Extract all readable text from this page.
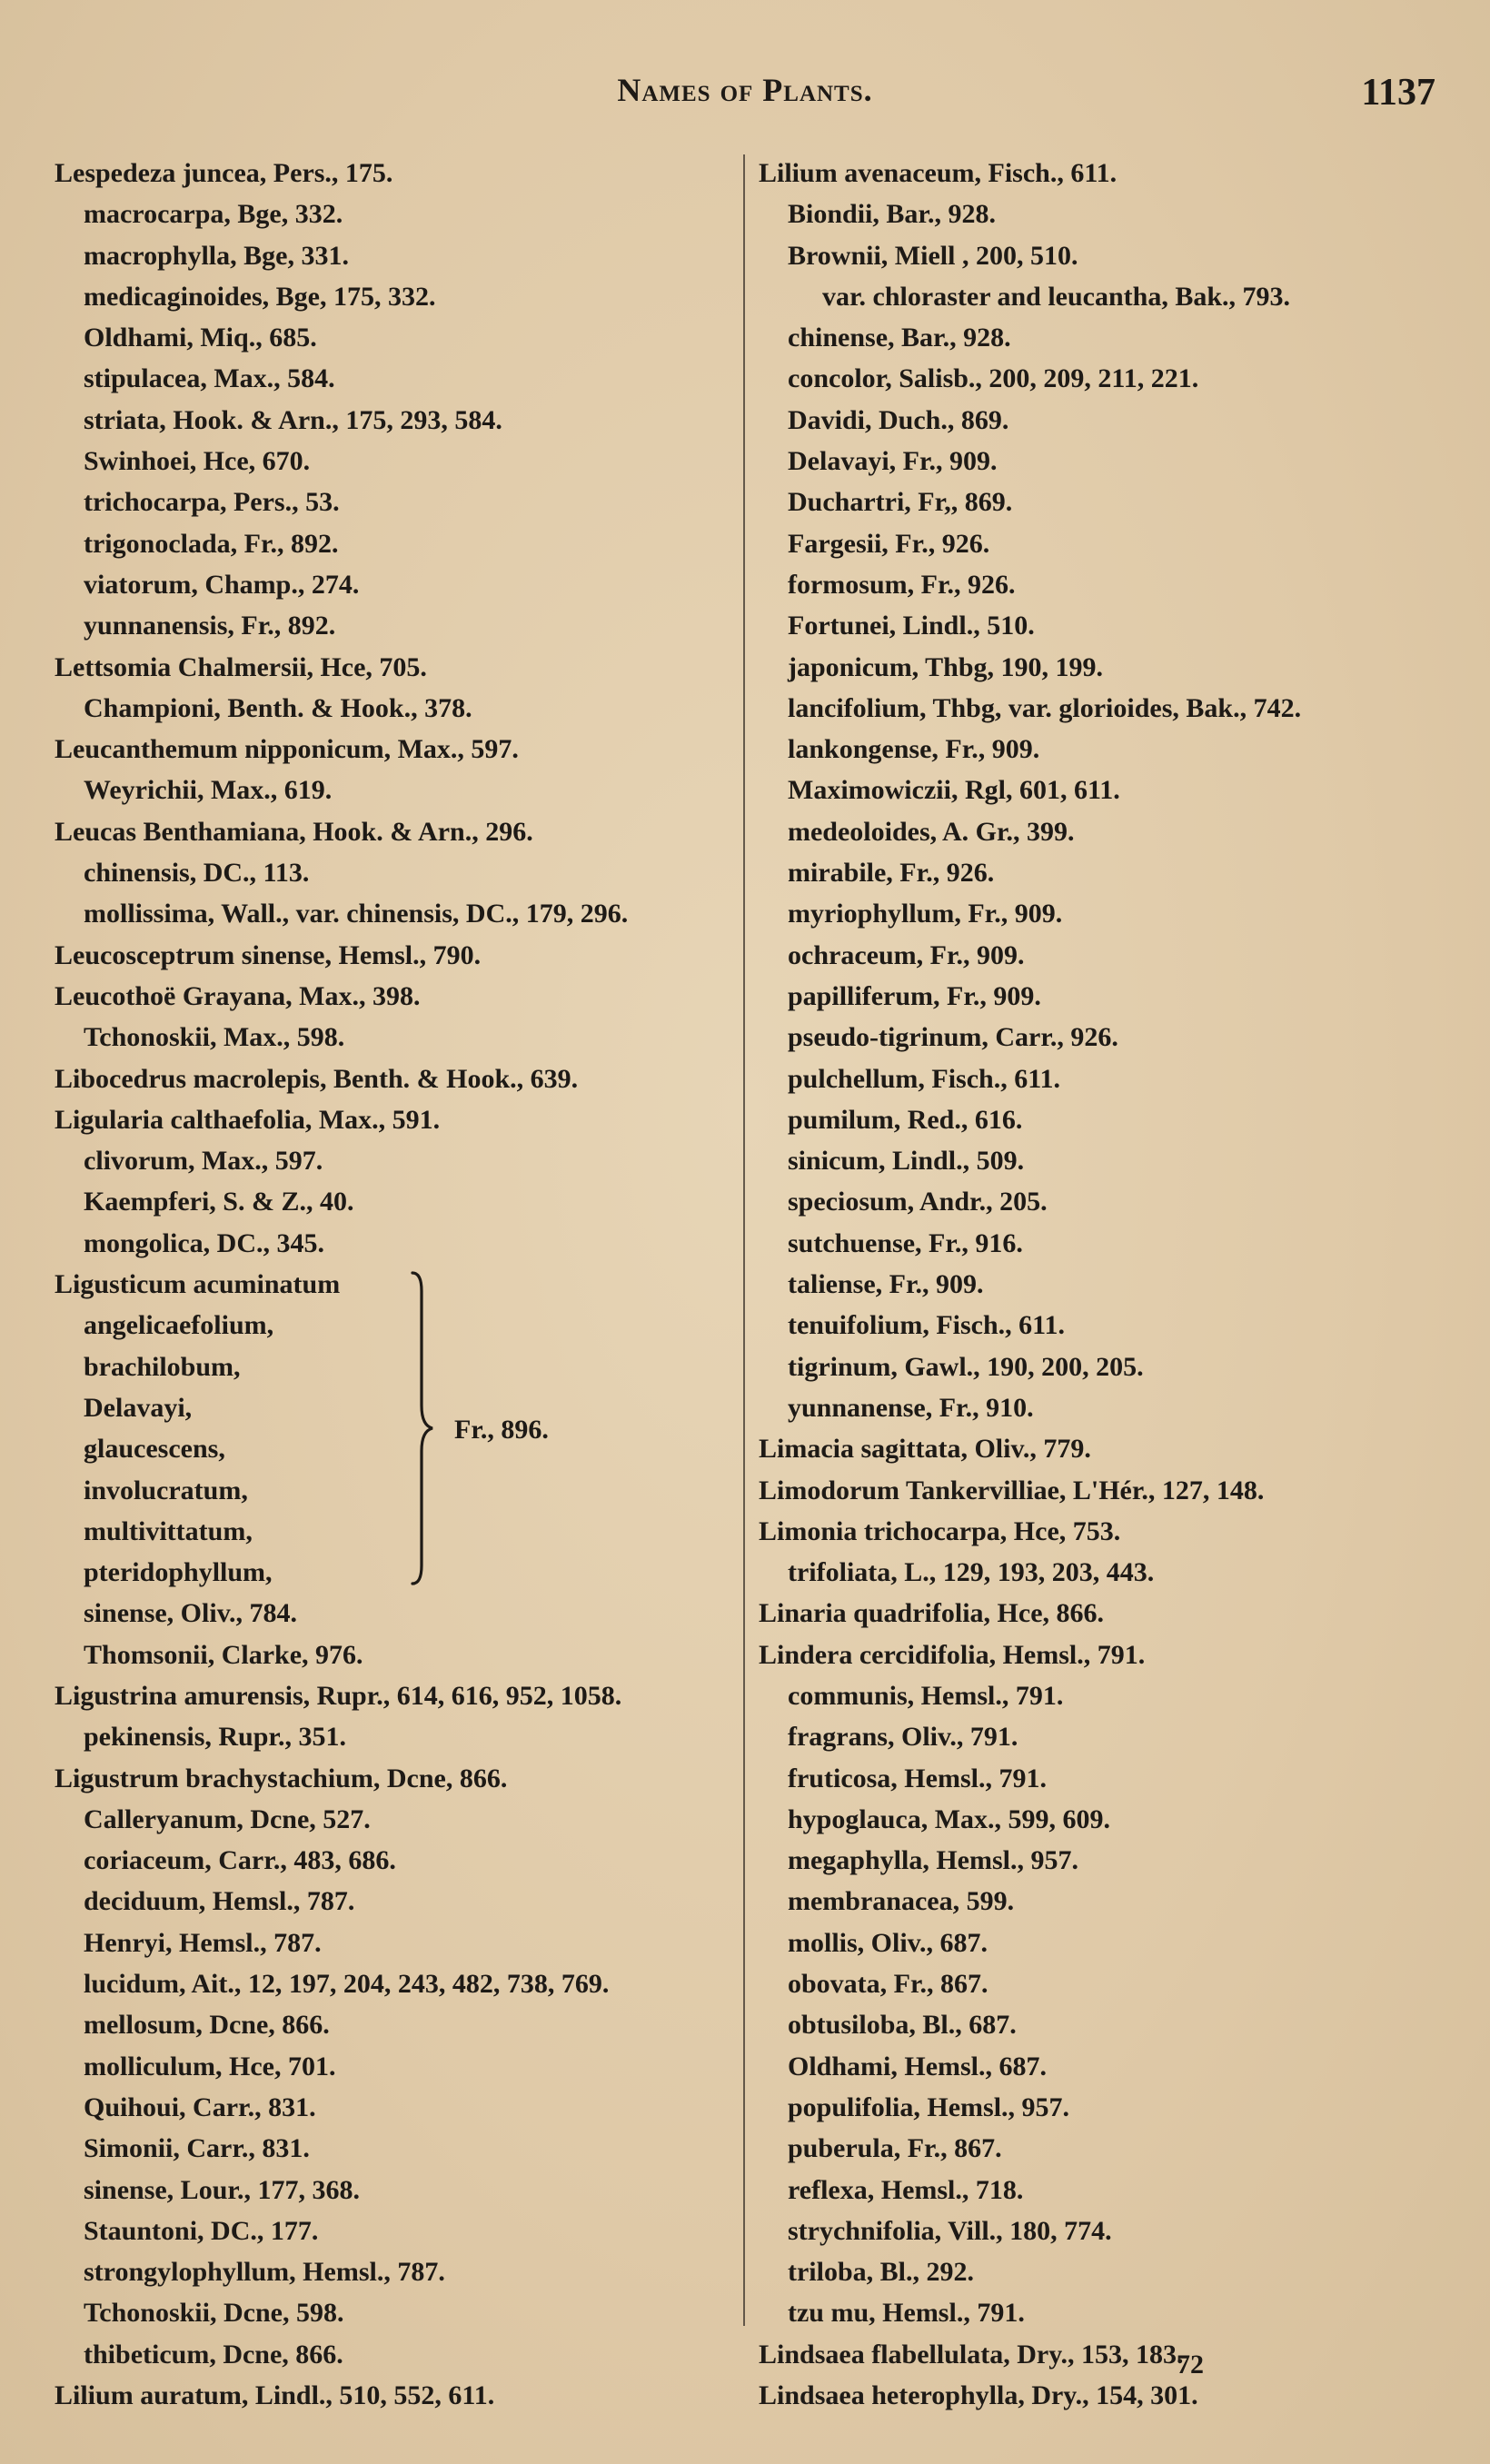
Names of Plants.	1137
Lespedeza juncea, Pers., 175.
macrocarpa, Bge, 332.
macrophylla, Bge, 331.
medicaginoides, Bge, 175, 332.
Oldhami, Miq., 685.
stipulacea, Max., 584.
striata, Hook. & Arn., 175, 293, 584.
Swinhoei, Hce, 670.
trichocarpa, Pers., 53.
trigonoclada, Fr., 892.
viatorum, Champ., 274.
yunnanensis, Fr., 892.
Lettsomia Chalmersii, Hce, 705.
Championi, Benth. & Hook., 378.
Leucanthemum nipponicum, Max., 597.
Weyrichii, Max., 619.
Leucas Benthamiana, Hook. & Arn., 296.
chinensis, DC., 113.
mollissima, Wall., var. chinensis, DC., 179, 296.
Leucosceptrum sinense, Hemsl., 790.
Leucothoë Grayana, Max., 398.
Tchonoskii, Max., 598.
Libocedrus macrolepis, Benth. & Hook., 639.
Ligularia calthaefolia, Max., 591.
clivorum, Max., 597.
Kaempferi, S. & Z., 40.
mongolica, DC., 345.
Ligusticum acuminatum
angelicaefolium,
brachilobum,
Delavayi,
glaucescens,
involucratum,
multivittatum,
pteridophyllum,
Fr., 896.
sinense, Oliv., 784.
Thomsonii, Clarke, 976.
Ligustrina amurensis, Rupr., 614, 616, 952, 1058.
pekinensis, Rupr., 351.
Ligustrum brachystachium, Dcne, 866.
Calleryanum, Dcne, 527.
coriaceum, Carr., 483, 686.
deciduum, Hemsl., 787.
Henryi, Hemsl., 787.
lucidum, Ait., 12, 197, 204, 243, 482, 738, 769.
mellosum, Dcne, 866.
molliculum, Hce, 701.
Quihoui, Carr., 831.
Simonii, Carr., 831.
sinense, Lour., 177, 368.
Stauntoni, DC., 177.
strongylophyllum, Hemsl., 787.
Tchonoskii, Dcne, 598.
thibeticum, Dcne, 866.
Lilium auratum, Lindl., 510, 552, 611.
Lilium avenaceum, Fisch., 611.
Biondii, Bar., 928.
Brownii, Miell , 200, 510.
var. chloraster and leucantha, Bak., 793.
chinense, Bar., 928.
concolor, Salisb., 200, 209, 211, 221.
Davidi, Duch., 869.
Delavayi, Fr., 909.
Duchartri, Fr,, 869.
Fargesii, Fr., 926.
formosum, Fr., 926.
Fortunei, Lindl., 510.
japonicum, Thbg, 190, 199.
lancifolium, Thbg, var. glorioides, Bak., 742.
lankongense, Fr., 909.
Maximowiczii, Rgl, 601, 611.
medeoloides, A. Gr., 399.
mirabile, Fr., 926.
myriophyllum, Fr., 909.
ochraceum, Fr., 909.
papilliferum, Fr., 909.
pseudo-tigrinum, Carr., 926.
pulchellum, Fisch., 611.
pumilum, Red., 616.
sinicum, Lindl., 509.
speciosum, Andr., 205.
sutchuense, Fr., 916.
taliense, Fr., 909.
tenuifolium, Fisch., 611.
tigrinum, Gawl., 190, 200, 205.
yunnanense, Fr., 910.
Limacia sagittata, Oliv., 779.
Limodorum Tankervilliae, L'Hér., 127, 148.
Limonia trichocarpa, Hce, 753.
trifoliata, L., 129, 193, 203, 443.
Linaria quadrifolia, Hce, 866.
Lindera cercidifolia, Hemsl., 791.
communis, Hemsl., 791.
fragrans, Oliv., 791.
fruticosa, Hemsl., 791.
hypoglauca, Max., 599, 609.
megaphylla, Hemsl., 957.
membranacea, 599.
mollis, Oliv., 687.
obovata, Fr., 867.
obtusiloba, Bl., 687.
Oldhami, Hemsl., 687.
populifolia, Hemsl., 957.
puberula, Fr., 867.
reflexa, Hemsl., 718.
strychnifolia, Vill., 180, 774.
triloba, Bl., 292.
tzu mu, Hemsl., 791.
Lindsaea flabellulata, Dry., 153, 183.
Lindsaea heterophylla, Dry., 154, 301.
72
